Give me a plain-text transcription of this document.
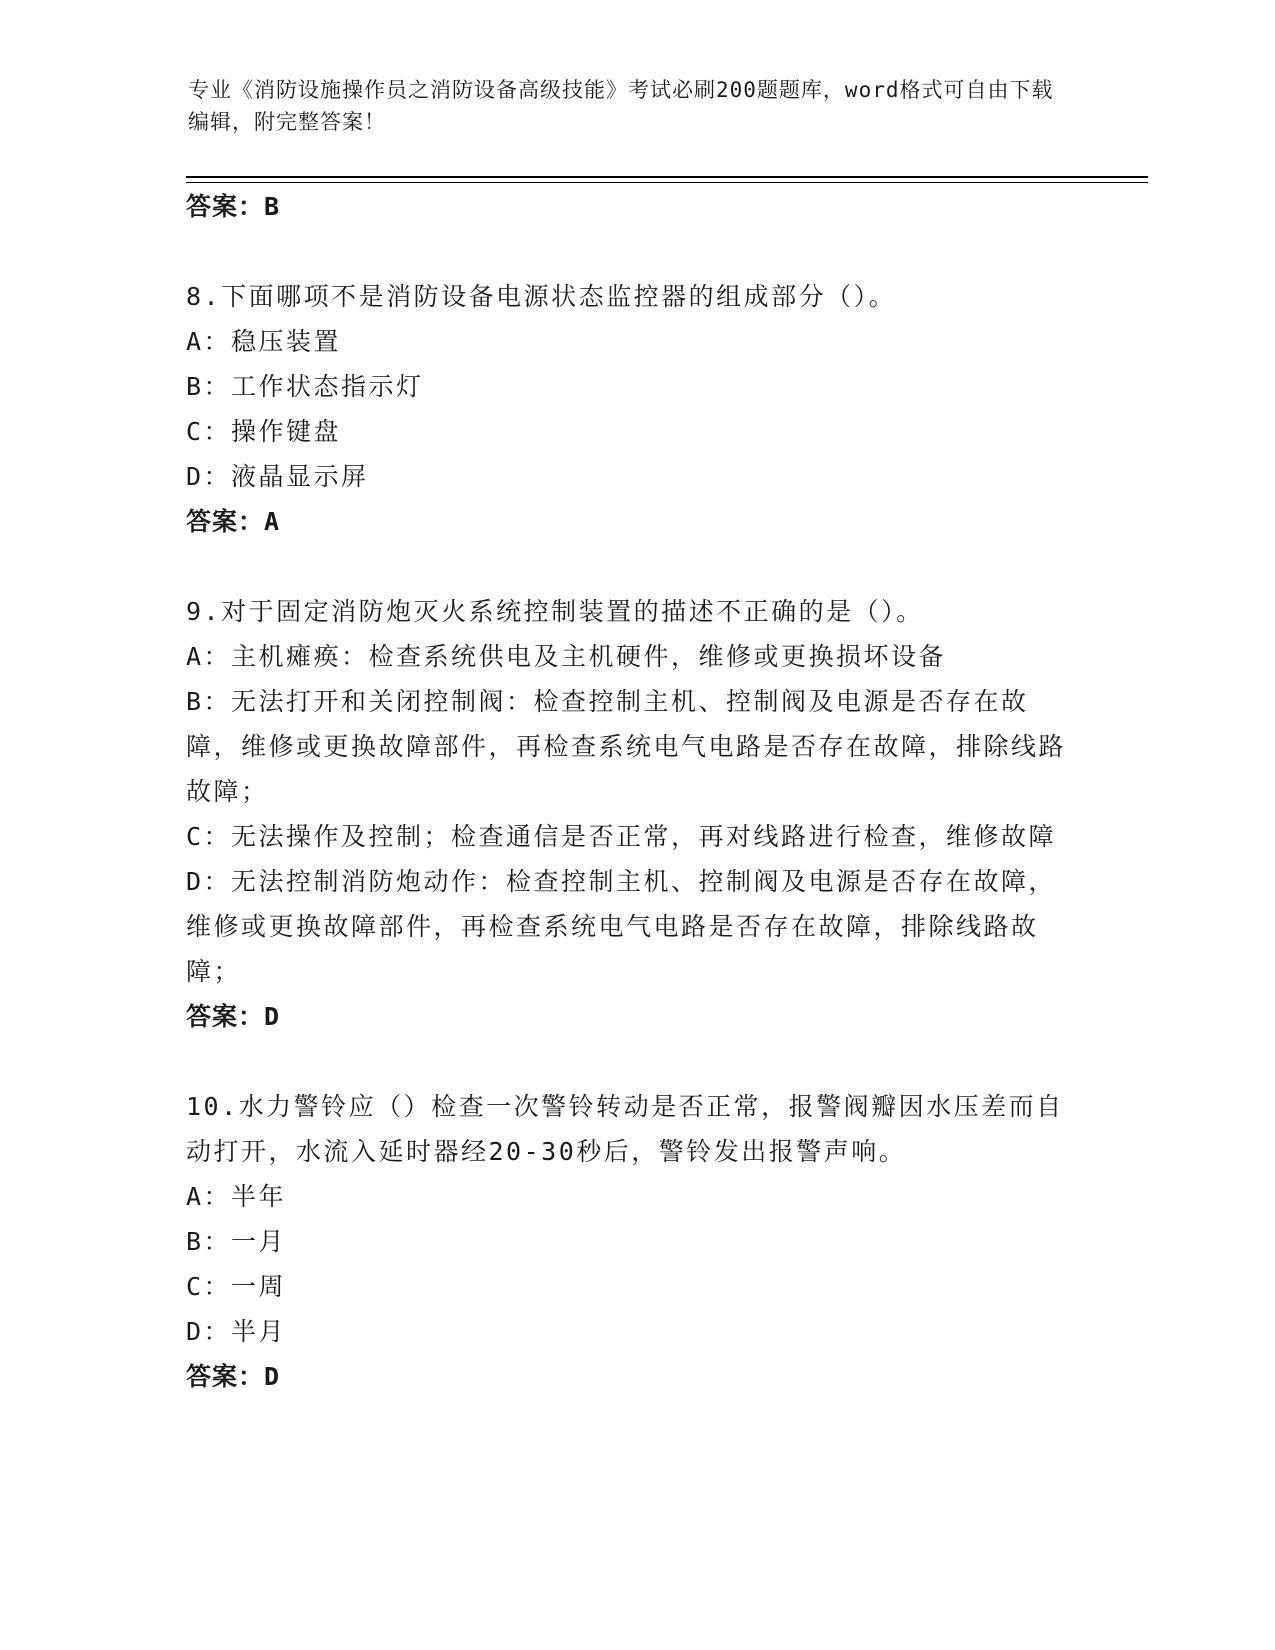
专业《消防设施操作员之消防设备高级技能》考试必刷200题题库，word格式可自由下载编辑，附完整答案！

答案：B

8.下面哪项不是消防设备电源状态监控器的组成部分（）。

A：稳压装置

B：工作状态指示灯

C：操作键盘

D：液晶显示屏

答案：A

9.对于固定消防炮灭火系统控制装置的描述不正确的是（）。

A：主机瘫痪：检查系统供电及主机硬件，维修或更换损坏设备

B：无法打开和关闭控制阀：检查控制主机、控制阀及电源是否存在故障，维修或更换故障部件，再检查系统电气电路是否存在故障，排除线路故障；

C：无法操作及控制；检查通信是否正常，再对线路进行检查，维修故障

D：无法控制消防炮动作：检查控制主机、控制阀及电源是否存在故障，维修或更换故障部件，再检查系统电气电路是否存在故障，排除线路故障；

答案：D

10.水力警铃应（）检查一次警铃转动是否正常，报警阀瓣因水压差而自动打开，水流入延时器经20-30秒后，警铃发出报警声响。

A：半年

B：一月

C：一周

D：半月

答案：D
